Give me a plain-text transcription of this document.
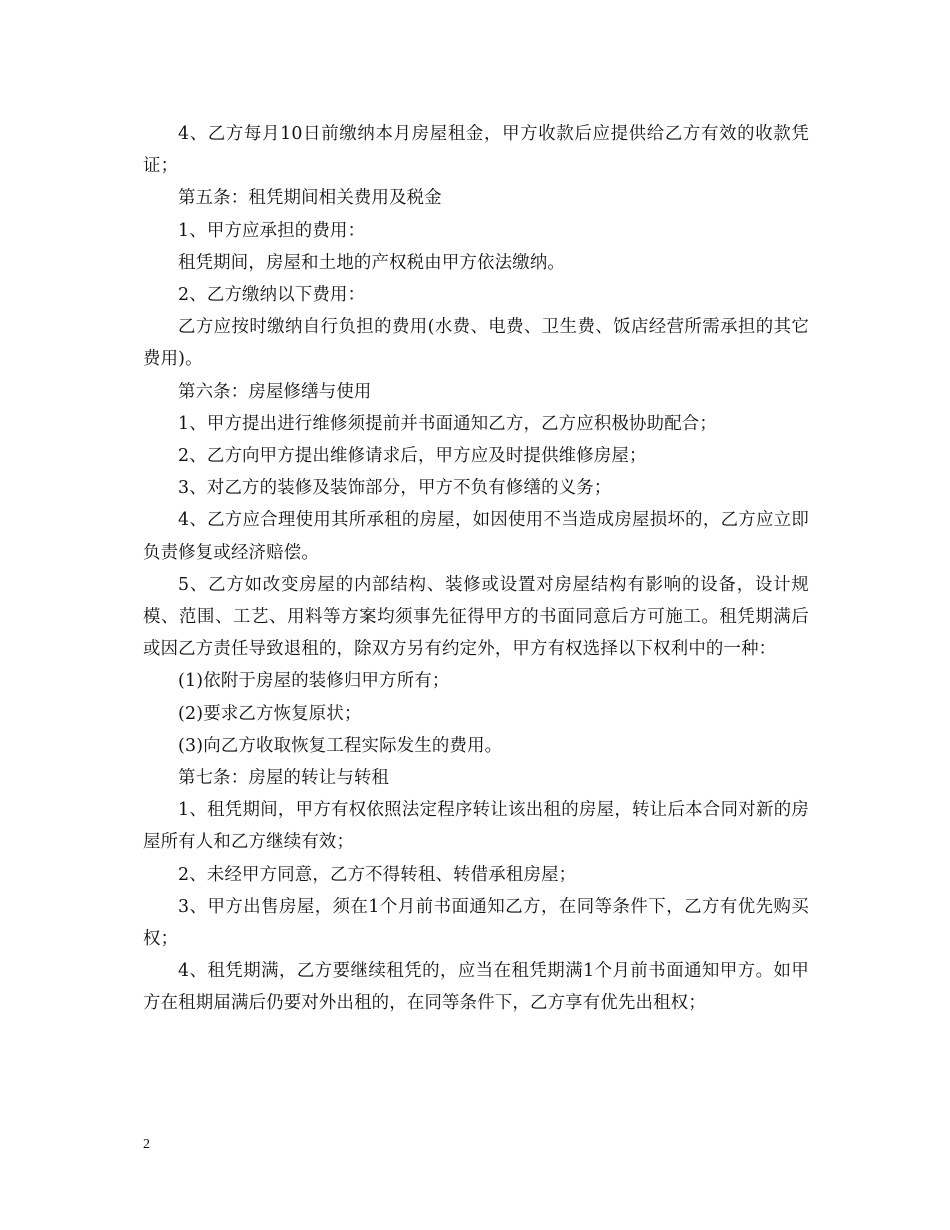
4、乙方每月10日前缴纳本月房屋租金，甲方收款后应提供给乙方有效的收款凭证；

第五条：租凭期间相关费用及税金

1、甲方应承担的费用：

租凭期间，房屋和土地的产权税由甲方依法缴纳。

2、乙方缴纳以下费用：

乙方应按时缴纳自行负担的费用(水费、电费、卫生费、饭店经营所需承担的其它费用)。

第六条：房屋修缮与使用

1、甲方提出进行维修须提前并书面通知乙方，乙方应积极协助配合；

2、乙方向甲方提出维修请求后，甲方应及时提供维修房屋；

3、对乙方的装修及装饰部分，甲方不负有修缮的义务；

4、乙方应合理使用其所承租的房屋，如因使用不当造成房屋损坏的，乙方应立即负责修复或经济赔偿。

5、乙方如改变房屋的内部结构、装修或设置对房屋结构有影响的设备，设计规模、范围、工艺、用料等方案均须事先征得甲方的书面同意后方可施工。租凭期满后或因乙方责任导致退租的，除双方另有约定外，甲方有权选择以下权利中的一种：

(1)依附于房屋的装修归甲方所有；

(2)要求乙方恢复原状；

(3)向乙方收取恢复工程实际发生的费用。

第七条：房屋的转让与转租

1、租凭期间，甲方有权依照法定程序转让该出租的房屋，转让后本合同对新的房屋所有人和乙方继续有效；

2、未经甲方同意，乙方不得转租、转借承租房屋；

3、甲方出售房屋，须在1个月前书面通知乙方，在同等条件下，乙方有优先购买权；

4、租凭期满，乙方要继续租凭的，应当在租凭期满1个月前书面通知甲方。如甲方在租期届满后仍要对外出租的，在同等条件下，乙方享有优先出租权；

2
